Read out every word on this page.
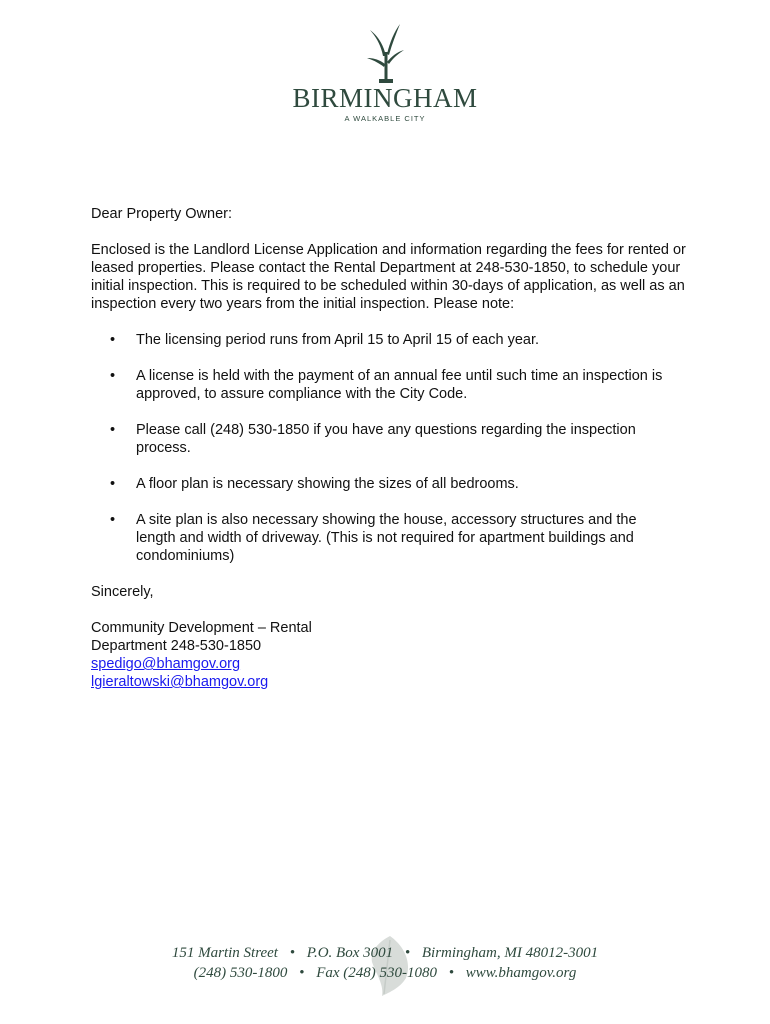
BIRMINGHAM
A WALKABLE CITY

Dear Property Owner:

Enclosed is the Landlord License Application and information regarding the fees for rented or leased properties. Please contact the Rental Department at 248-530-1850, to schedule your initial inspection. This is required to be scheduled within 30-days of application, as well as an inspection every two years from the initial inspection. Please note:

• The licensing period runs from April 15 to April 15 of each year.
• A license is held with the payment of an annual fee until such time an inspection is approved, to assure compliance with the City Code.
• Please call (248) 530-1850 if you have any questions regarding the inspection process.
• A floor plan is necessary showing the sizes of all bedrooms.
• A site plan is also necessary showing the house, accessory structures and the length and width of driveway. (This is not required for apartment buildings and condominiums)

Sincerely,

Community Development – Rental
Department 248-530-1850
spedigo@bhamgov.org
lgieraltowski@bhamgov.org
151 Martin Street • P.O. Box 3001 • Birmingham, MI 48012-3001
(248) 530-1800 • Fax (248) 530-1080 • www.bhamgov.org
